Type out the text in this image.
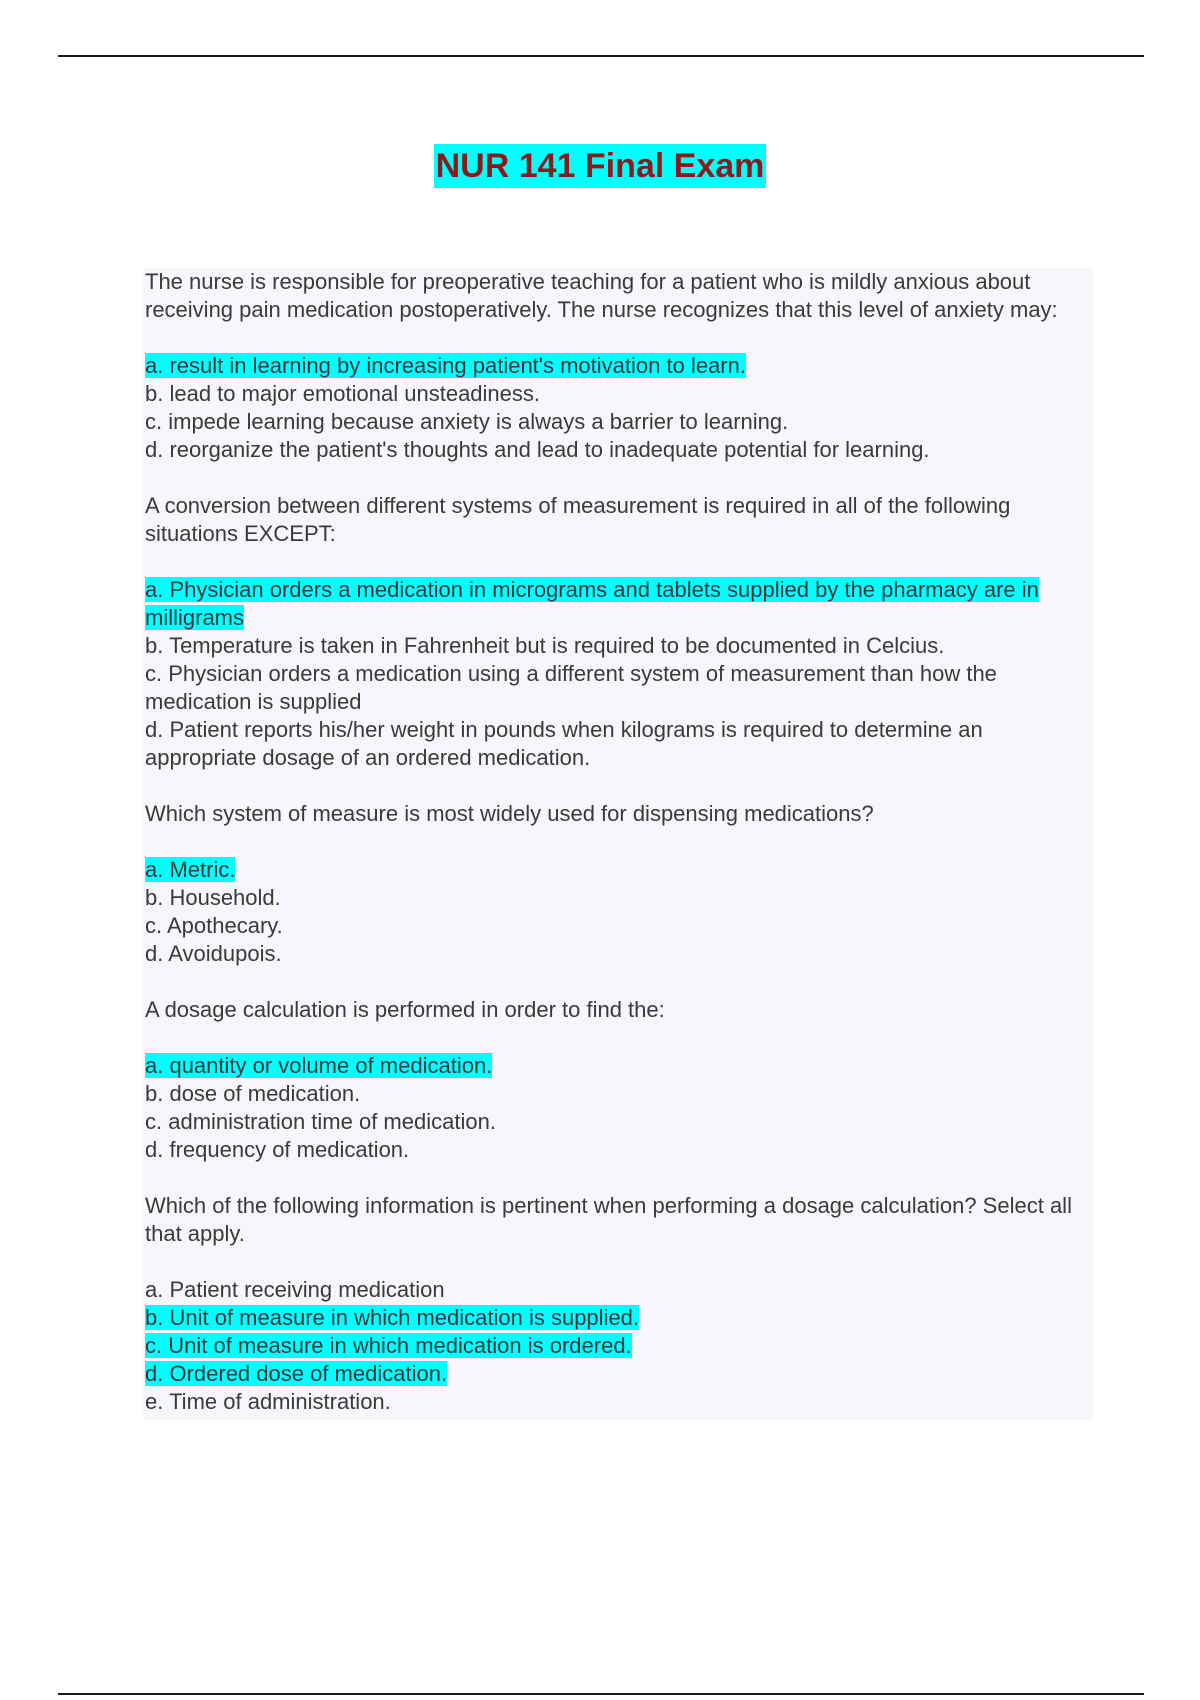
NUR 141 Final Exam

The nurse is responsible for preoperative teaching for a patient who is mildly anxious about receiving pain medication postoperatively. The nurse recognizes that this level of anxiety may:

a. result in learning by increasing patient's motivation to learn.
b. lead to major emotional unsteadiness.
c. impede learning because anxiety is always a barrier to learning.
d. reorganize the patient's thoughts and lead to inadequate potential for learning.

A conversion between different systems of measurement is required in all of the following situations EXCEPT:

a. Physician orders a medication in micrograms and tablets supplied by the pharmacy are in milligrams
b. Temperature is taken in Fahrenheit but is required to be documented in Celcius.
c. Physician orders a medication using a different system of measurement than how the medication is supplied
d. Patient reports his/her weight in pounds when kilograms is required to determine an appropriate dosage of an ordered medication.

Which system of measure is most widely used for dispensing medications?

a. Metric.
b. Household.
c. Apothecary.
d. Avoidupois.

A dosage calculation is performed in order to find the:

a. quantity or volume of medication.
b. dose of medication.
c. administration time of medication.
d. frequency of medication.

Which of the following information is pertinent when performing a dosage calculation? Select all that apply.

a. Patient receiving medication
b. Unit of measure in which medication is supplied.
c. Unit of measure in which medication is ordered.
d. Ordered dose of medication.
e. Time of administration.
